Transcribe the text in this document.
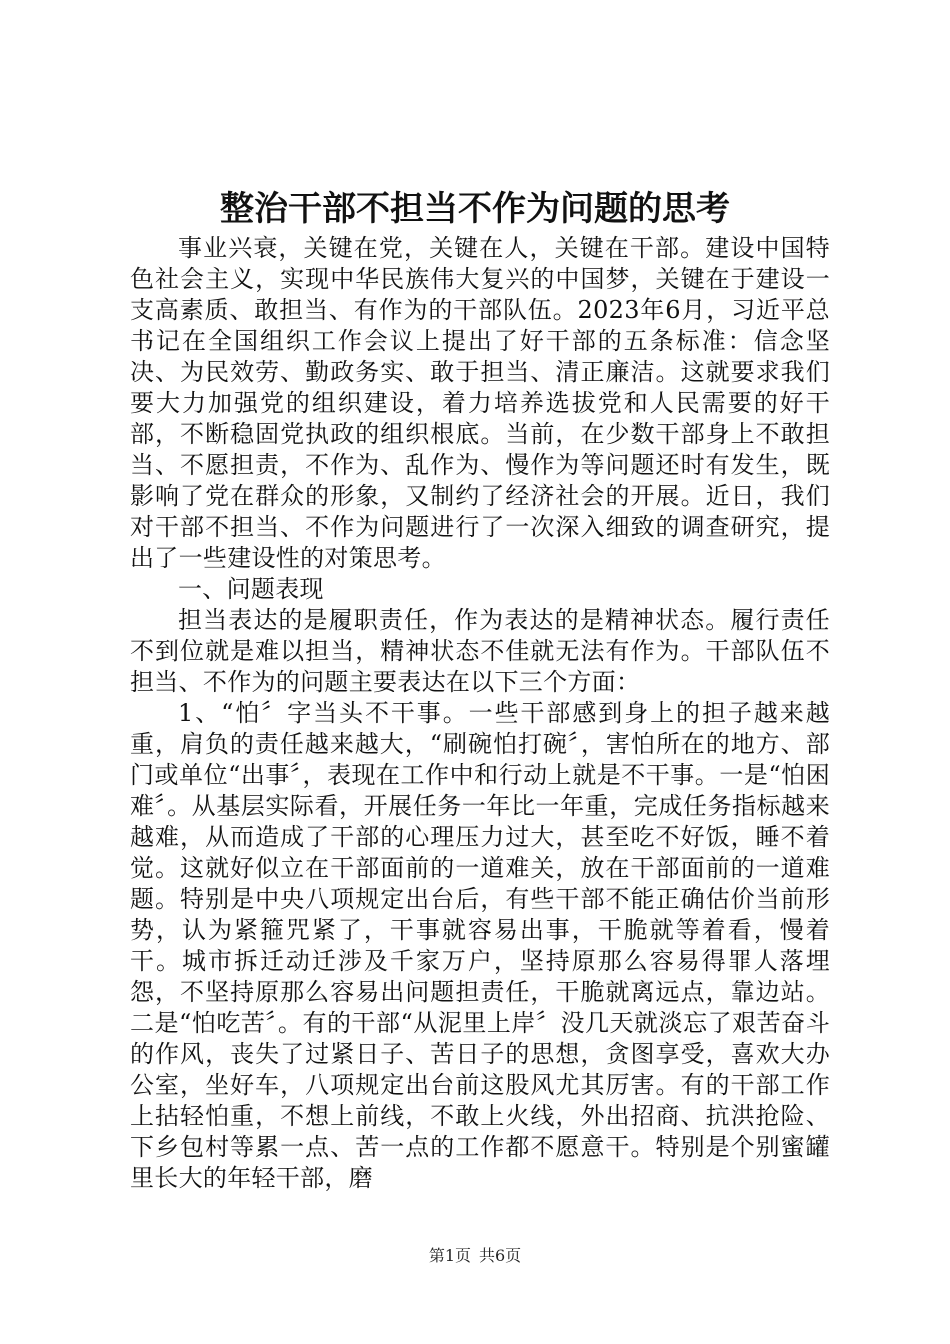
整治干部不担当不作为问题的思考

事业兴衰，关键在党，关键在人，关键在干部。建设中国特色社会主义，实现中华民族伟大复兴的中国梦，关键在于建设一支高素质、敢担当、有作为的干部队伍。2023年6月，习近平总书记在全国组织工作会议上提出了好干部的五条标准：信念坚决、为民效劳、勤政务实、敢于担当、清正廉洁。这就要求我们要大力加强党的组织建设，着力培养选拔党和人民需要的好干部，不断稳固党执政的组织根底。当前，在少数干部身上不敢担当、不愿担责，不作为、乱作为、慢作为等问题还时有发生，既影响了党在群众的形象，又制约了经济社会的开展。近日，我们对干部不担当、不作为问题进行了一次深入细致的调查研究，提出了一些建设性的对策思考。

一、问题表现

担当表达的是履职责任，作为表达的是精神状态。履行责任不到位就是难以担当，精神状态不佳就无法有作为。干部队伍不担当、不作为的问题主要表达在以下三个方面：

1、“怕〞字当头不干事。一些干部感到身上的担子越来越重，肩负的责任越来越大，“刷碗怕打碗〞，害怕所在的地方、部门或单位“出事〞，表现在工作中和行动上就是不干事。一是“怕困难〞。从基层实际看，开展任务一年比一年重，完成任务指标越来越难，从而造成了干部的心理压力过大，甚至吃不好饭，睡不着觉。这就好似立在干部面前的一道难关，放在干部面前的一道难题。特别是中央八项规定出台后，有些干部不能正确估价当前形势，认为紧箍咒紧了，干事就容易出事，干脆就等着看，慢着干。城市拆迁动迁涉及千家万户，坚持原那么容易得罪人落埋怨，不坚持原那么容易出问题担责任，干脆就离远点，靠边站。二是“怕吃苦〞。有的干部“从泥里上岸〞没几天就淡忘了艰苦奋斗的作风，丧失了过紧日子、苦日子的思想，贪图享受，喜欢大办公室，坐好车，八项规定出台前这股风尤其厉害。有的干部工作上拈轻怕重，不想上前线，不敢上火线，外出招商、抗洪抢险、下乡包村等累一点、苦一点的工作都不愿意干。特别是个别蜜罐里长大的年轻干部，磨

第1页 共6页
